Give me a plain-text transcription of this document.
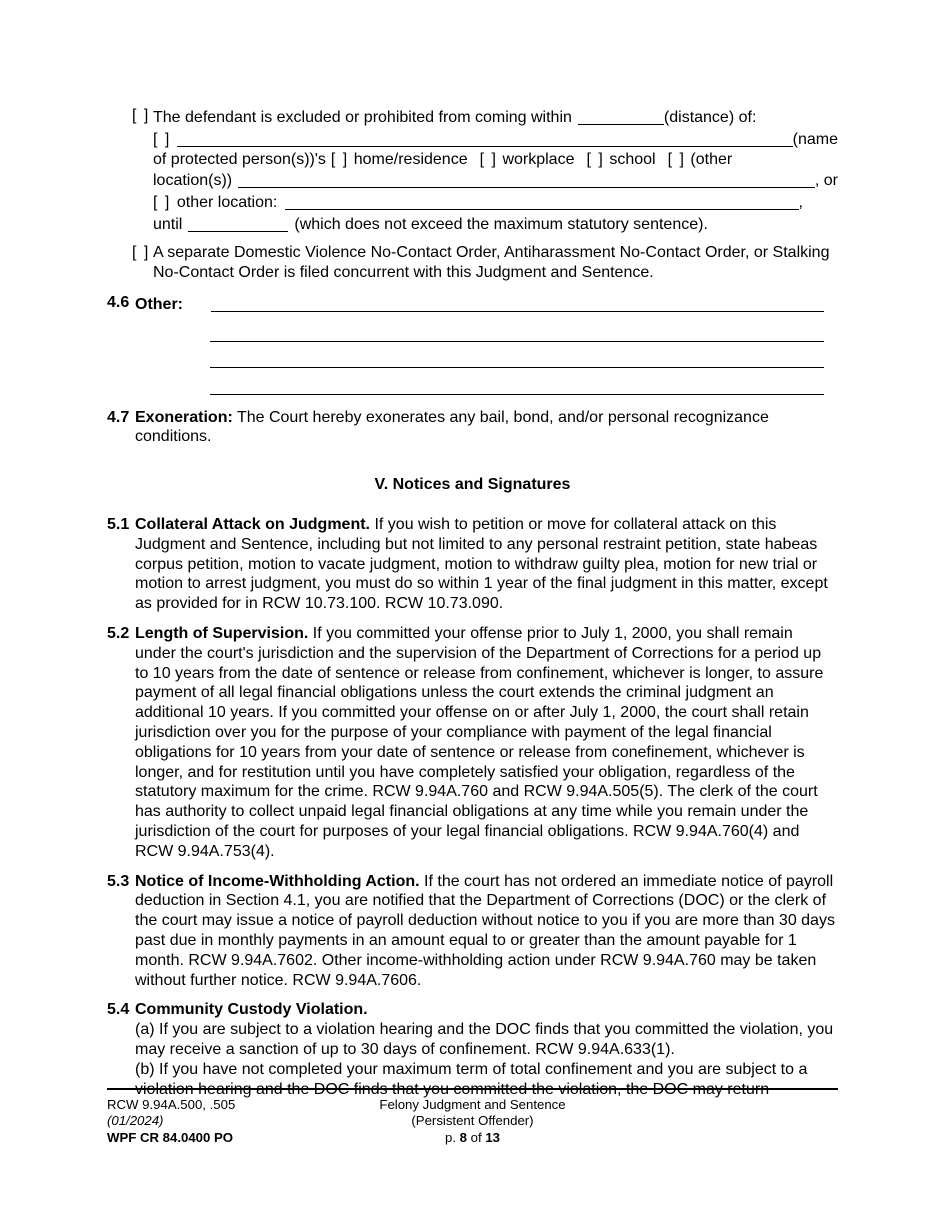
[ ] The defendant is excluded or prohibited from coming within	(distance) of:
[ ]	(name
of protected person(s))'s [ ] home/residence [ ] workplace [ ] school [ ] (other
location(s))	, or
[ ] other location:	,
until	(which does not exceed the maximum statutory sentence).
[ ] A separate Domestic Violence No-Contact Order, Antiharassment No-Contact Order, or Stalking No-Contact Order is filed concurrent with this Judgment and Sentence.
4.6 Other:
4.7 Exoneration: The Court hereby exonerates any bail, bond, and/or personal recognizance conditions.
V. Notices and Signatures
5.1 Collateral Attack on Judgment. If you wish to petition or move for collateral attack on this Judgment and Sentence, including but not limited to any personal restraint petition, state habeas corpus petition, motion to vacate judgment, motion to withdraw guilty plea, motion for new trial or motion to arrest judgment, you must do so within 1 year of the final judgment in this matter, except as provided for in RCW 10.73.100. RCW 10.73.090.
5.2 Length of Supervision. If you committed your offense prior to July 1, 2000, you shall remain under the court's jurisdiction and the supervision of the Department of Corrections for a period up to 10 years from the date of sentence or release from confinement, whichever is longer, to assure payment of all legal financial obligations unless the court extends the criminal judgment an additional 10 years. If you committed your offense on or after July 1, 2000, the court shall retain jurisdiction over you for the purpose of your compliance with payment of the legal financial obligations for 10 years from your date of sentence or release from conefinement, whichever is longer, and for restitution until you have completely satisfied your obligation, regardless of the statutory maximum for the crime. RCW 9.94A.760 and RCW 9.94A.505(5). The clerk of the court has authority to collect unpaid legal financial obligations at any time while you remain under the jurisdiction of the court for purposes of your legal financial obligations. RCW 9.94A.760(4) and RCW 9.94A.753(4).
5.3 Notice of Income-Withholding Action. If the court has not ordered an immediate notice of payroll deduction in Section 4.1, you are notified that the Department of Corrections (DOC) or the clerk of the court may issue a notice of payroll deduction without notice to you if you are more than 30 days past due in monthly payments in an amount equal to or greater than the amount payable for 1 month. RCW 9.94A.7602. Other income-withholding action under RCW 9.94A.760 may be taken without further notice. RCW 9.94A.7606.
5.4 Community Custody Violation.
(a) If you are subject to a violation hearing and the DOC finds that you committed the violation, you may receive a sanction of up to 30 days of confinement. RCW 9.94A.633(1).
(b) If you have not completed your maximum term of total confinement and you are subject to a violation hearing and the DOC finds that you committed the violation, the DOC may return
RCW 9.94A.500, .505
(01/2024)
WPF CR 84.0400 PO
Felony Judgment and Sentence
(Persistent Offender)
p. 8 of 13
